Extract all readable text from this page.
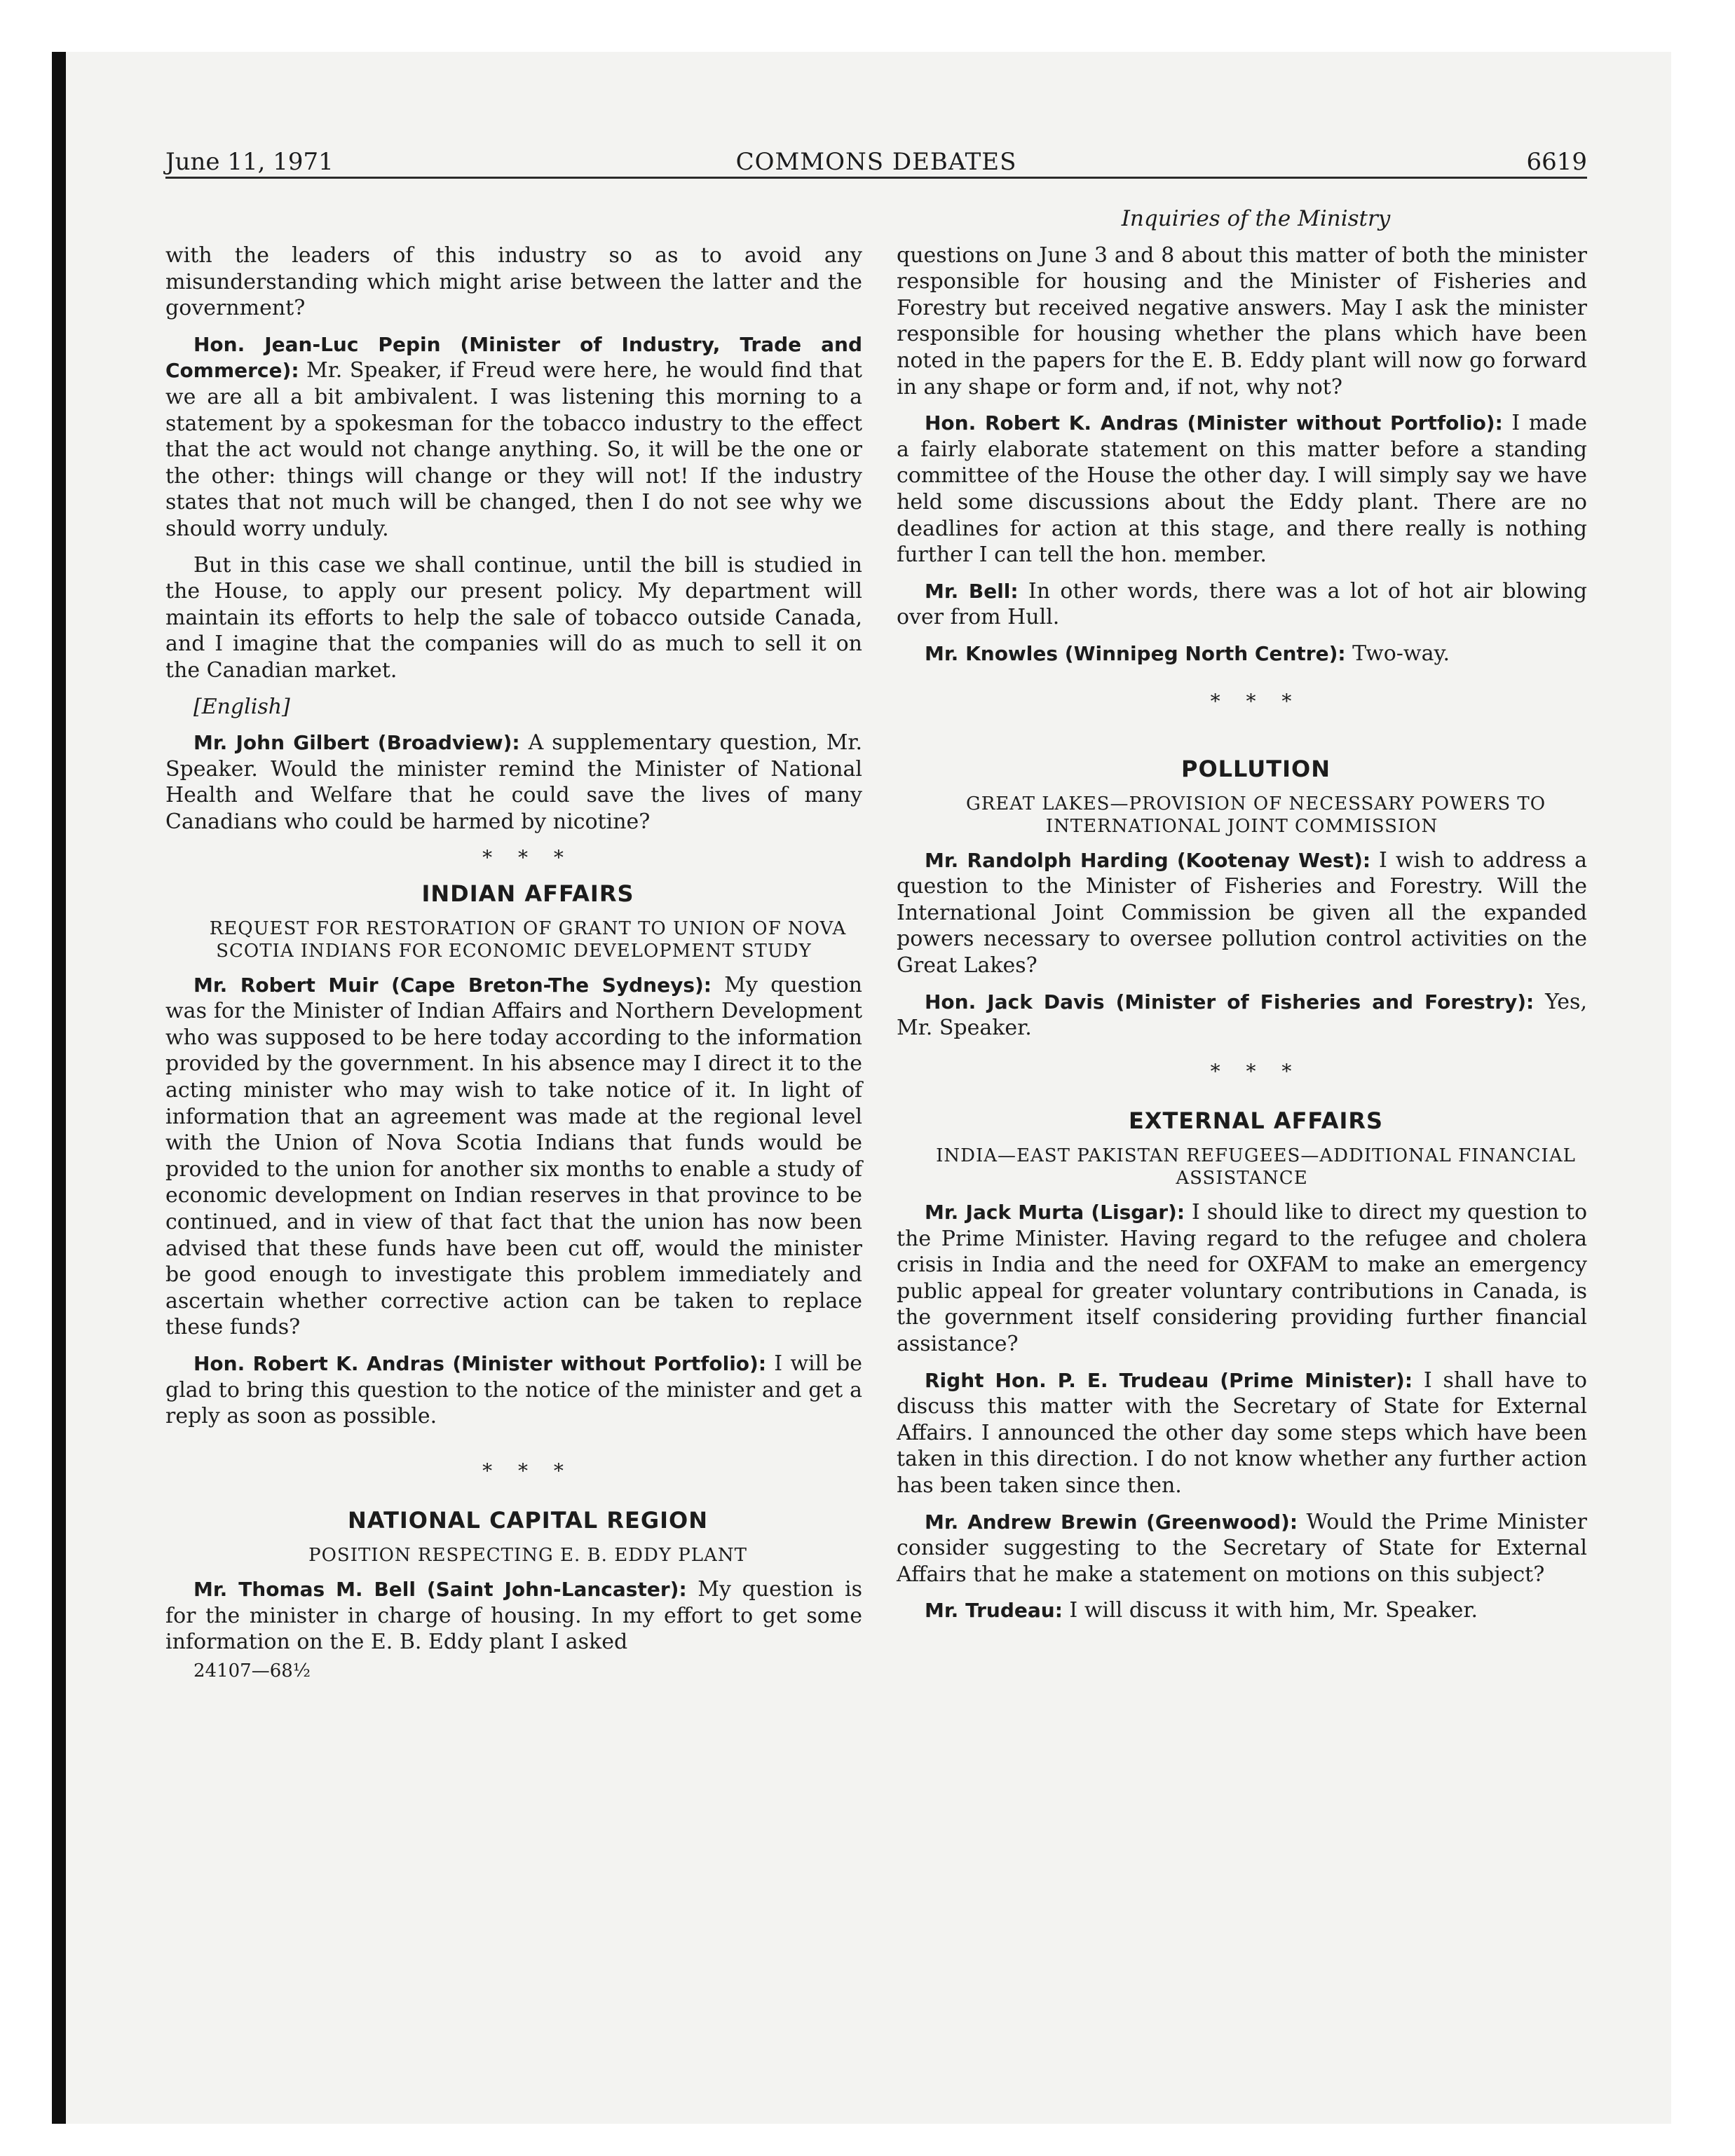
June 11, 1971	COMMONS DEBATES	6619

with the leaders of this industry so as to avoid any misunderstanding which might arise between the latter and the government?

Hon. Jean-Luc Pepin (Minister of Industry, Trade and Commerce): Mr. Speaker, if Freud were here, he would find that we are all a bit ambivalent. I was listening this morning to a statement by a spokesman for the tobacco industry to the effect that the act would not change anything. So, it will be the one or the other: things will change or they will not! If the industry states that not much will be changed, then I do not see why we should worry unduly.

But in this case we shall continue, until the bill is studied in the House, to apply our present policy. My department will maintain its efforts to help the sale of tobacco outside Canada, and I imagine that the companies will do as much to sell it on the Canadian market.

[English]

Mr. John Gilbert (Broadview): A supplementary question, Mr. Speaker. Would the minister remind the Minister of National Health and Welfare that he could save the lives of many Canadians who could be harmed by nicotine?

* * *

INDIAN AFFAIRS

REQUEST FOR RESTORATION OF GRANT TO UNION OF NOVA SCOTIA INDIANS FOR ECONOMIC DEVELOPMENT STUDY

Mr. Robert Muir (Cape Breton-The Sydneys): My question was for the Minister of Indian Affairs and Northern Development who was supposed to be here today according to the information provided by the government. In his absence may I direct it to the acting minister who may wish to take notice of it. In light of information that an agreement was made at the regional level with the Union of Nova Scotia Indians that funds would be provided to the union for another six months to enable a study of economic development on Indian reserves in that province to be continued, and in view of that fact that the union has now been advised that these funds have been cut off, would the minister be good enough to investigate this problem immediately and ascertain whether corrective action can be taken to replace these funds?

Hon. Robert K. Andras (Minister without Portfolio): I will be glad to bring this question to the notice of the minister and get a reply as soon as possible.

* * *

NATIONAL CAPITAL REGION

POSITION RESPECTING E. B. EDDY PLANT

Mr. Thomas M. Bell (Saint John-Lancaster): My question is for the minister in charge of housing. In my effort to get some information on the E. B. Eddy plant I asked

24107—68½

Inquiries of the Ministry

questions on June 3 and 8 about this matter of both the minister responsible for housing and the Minister of Fisheries and Forestry but received negative answers. May I ask the minister responsible for housing whether the plans which have been noted in the papers for the E. B. Eddy plant will now go forward in any shape or form and, if not, why not?

Hon. Robert K. Andras (Minister without Portfolio): I made a fairly elaborate statement on this matter before a standing committee of the House the other day. I will simply say we have held some discussions about the Eddy plant. There are no deadlines for action at this stage, and there really is nothing further I can tell the hon. member.

Mr. Bell: In other words, there was a lot of hot air blowing over from Hull.

Mr. Knowles (Winnipeg North Centre): Two-way.

* * *

POLLUTION

GREAT LAKES—PROVISION OF NECESSARY POWERS TO INTERNATIONAL JOINT COMMISSION

Mr. Randolph Harding (Kootenay West): I wish to address a question to the Minister of Fisheries and Forestry. Will the International Joint Commission be given all the expanded powers necessary to oversee pollution control activities on the Great Lakes?

Hon. Jack Davis (Minister of Fisheries and Forestry): Yes, Mr. Speaker.

* * *

EXTERNAL AFFAIRS

INDIA—EAST PAKISTAN REFUGEES—ADDITIONAL FINANCIAL ASSISTANCE

Mr. Jack Murta (Lisgar): I should like to direct my question to the Prime Minister. Having regard to the refugee and cholera crisis in India and the need for OXFAM to make an emergency public appeal for greater voluntary contributions in Canada, is the government itself considering providing further financial assistance?

Right Hon. P. E. Trudeau (Prime Minister): I shall have to discuss this matter with the Secretary of State for External Affairs. I announced the other day some steps which have been taken in this direction. I do not know whether any further action has been taken since then.

Mr. Andrew Brewin (Greenwood): Would the Prime Minister consider suggesting to the Secretary of State for External Affairs that he make a statement on motions on this subject?

Mr. Trudeau: I will discuss it with him, Mr. Speaker.
